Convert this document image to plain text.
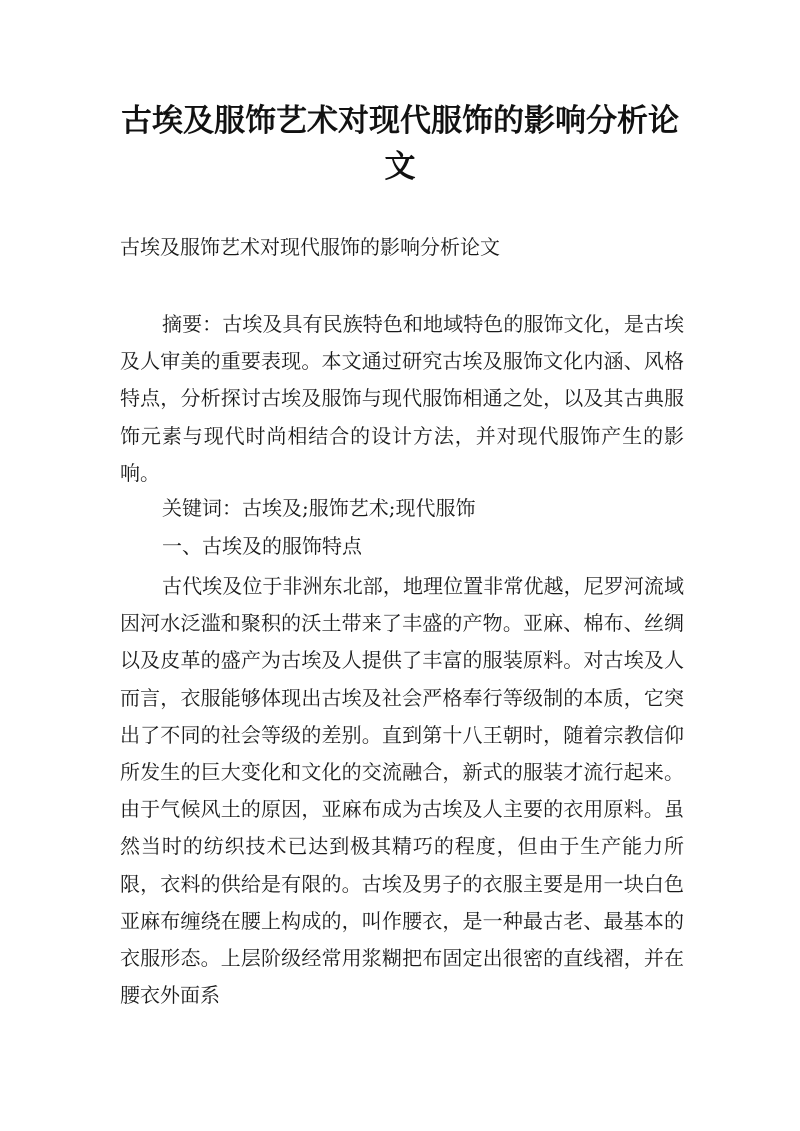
古埃及服饰艺术对现代服饰的影响分析论文
古埃及服饰艺术对现代服饰的影响分析论文
摘要：古埃及具有民族特色和地域特色的服饰文化，是古埃及人审美的重要表现。本文通过研究古埃及服饰文化内涵、风格特点，分析探讨古埃及服饰与现代服饰相通之处，以及其古典服饰元素与现代时尚相结合的设计方法，并对现代服饰产生的影响。
关键词：古埃及;服饰艺术;现代服饰
一、古埃及的服饰特点
古代埃及位于非洲东北部，地理位置非常优越，尼罗河流域因河水泛滥和聚积的沃土带来了丰盛的产物。亚麻、棉布、丝绸以及皮革的盛产为古埃及人提供了丰富的服装原料。对古埃及人而言，衣服能够体现出古埃及社会严格奉行等级制的本质，它突出了不同的社会等级的差别。直到第十八王朝时，随着宗教信仰所发生的巨大变化和文化的交流融合，新式的服装才流行起来。由于气候风土的原因，亚麻布成为古埃及人主要的衣用原料。虽然当时的纺织技术已达到极其精巧的程度，但由于生产能力所限，衣料的供给是有限的。古埃及男子的衣服主要是用一块白色亚麻布缠绕在腰上构成的，叫作腰衣，是一种最古老、最基本的衣服形态。上层阶级经常用浆糊把布固定出很密的直线褶，并在腰衣外面系
